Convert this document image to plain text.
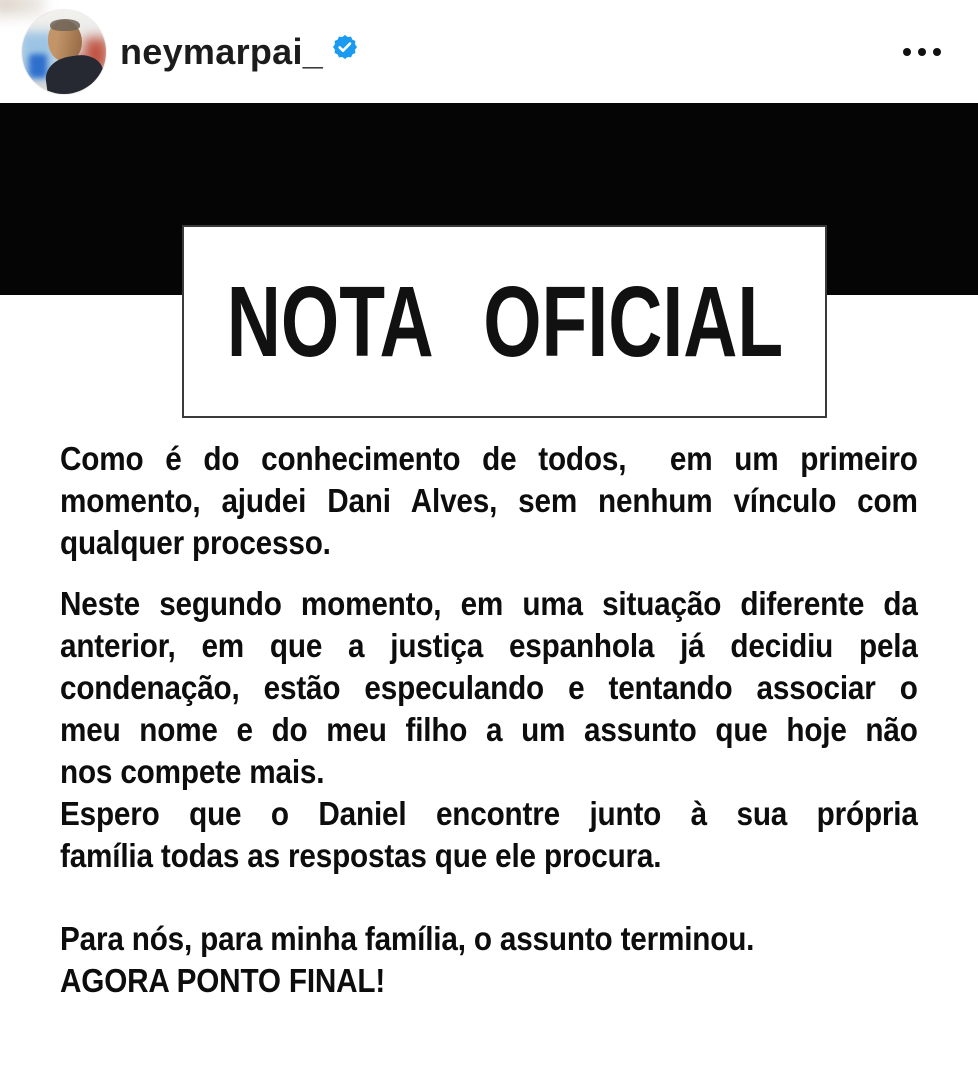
neymarpai_
NOTA OFICIAL
Como é do conhecimento de todos,  em um primeiro
momento, ajudei Dani Alves, sem nenhum vínculo com
qualquer processo.
Neste segundo momento, em uma situação diferente da
anterior, em que a justiça espanhola já decidiu pela
condenação, estão especulando e tentando associar o
meu nome e do meu filho a um assunto que hoje não
nos compete mais.
Espero que o Daniel encontre junto à sua própria
família todas as respostas que ele procura.
Para nós, para minha família, o assunto terminou.
AGORA PONTO FINAL!
